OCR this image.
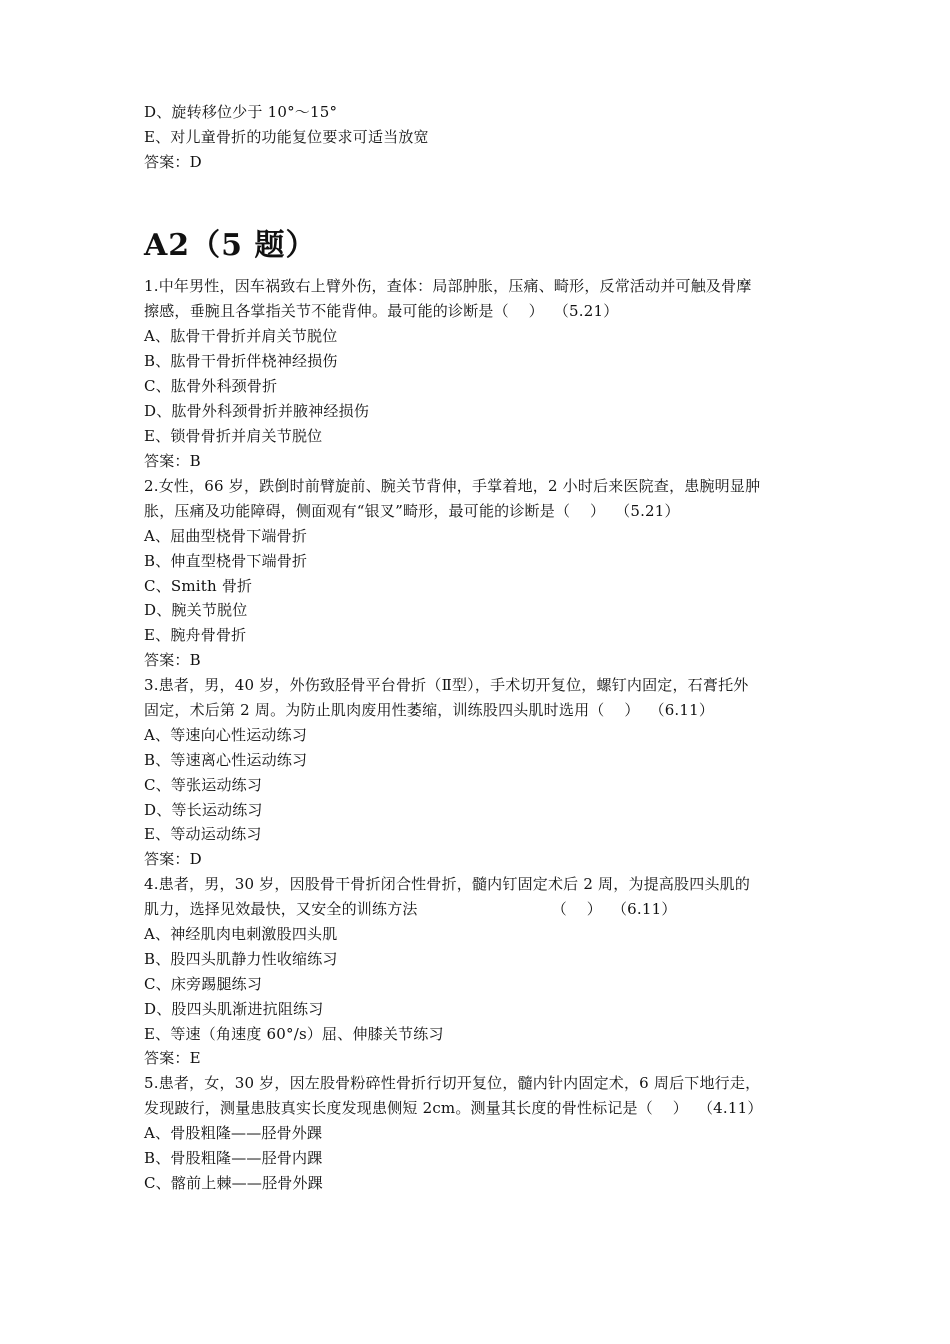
D、旋转移位少于 10°～15°
E、对儿童骨折的功能复位要求可适当放宽
答案：D
A2（5 题）
1.中年男性，因车祸致右上臂外伤，查体：局部肿胀，压痛、畸形，反常活动并可触及骨摩
擦感，垂腕且各掌指关节不能背伸。最可能的诊断是（    ）  （5.21）
A、肱骨干骨折并肩关节脱位
B、肱骨干骨折伴桡神经损伤
C、肱骨外科颈骨折
D、肱骨外科颈骨折并腋神经损伤
E、锁骨骨折并肩关节脱位
答案：B
2.女性，66 岁，跌倒时前臂旋前、腕关节背伸，手掌着地，2 小时后来医院查，患腕明显肿
胀，压痛及功能障碍，侧面观有“银叉”畸形，最可能的诊断是（    ）  （5.21）
A、屈曲型桡骨下端骨折
B、伸直型桡骨下端骨折
C、Smith 骨折
D、腕关节脱位
E、腕舟骨骨折
答案：B
3.患者，男，40 岁，外伤致胫骨平台骨折（Ⅱ型），手术切开复位，螺钉内固定，石膏托外
固定，术后第 2 周。为防止肌肉废用性萎缩，训练股四头肌时选用（    ）  （6.11）
A、等速向心性运动练习
B、等速离心性运动练习
C、等张运动练习
D、等长运动练习
E、等动运动练习
答案：D
4.患者，男，30 岁，因股骨干骨折闭合性骨折，髓内钉固定术后 2 周，为提高股四头肌的
肌力，选择见效最快，又安全的训练方法                           （    ）  （6.11）
A、神经肌肉电刺激股四头肌
B、股四头肌静力性收缩练习
C、床旁踢腿练习
D、股四头肌渐进抗阻练习
E、等速（角速度 60°/s）屈、伸膝关节练习
答案：E
5.患者，女，30 岁，因左股骨粉碎性骨折行切开复位，髓内针内固定术，6 周后下地行走，
发现跛行，测量患肢真实长度发现患侧短 2cm。测量其长度的骨性标记是（    ）  （4.11）
A、骨股粗隆——胫骨外踝
B、骨股粗隆——胫骨内踝
C、髂前上棘——胫骨外踝
